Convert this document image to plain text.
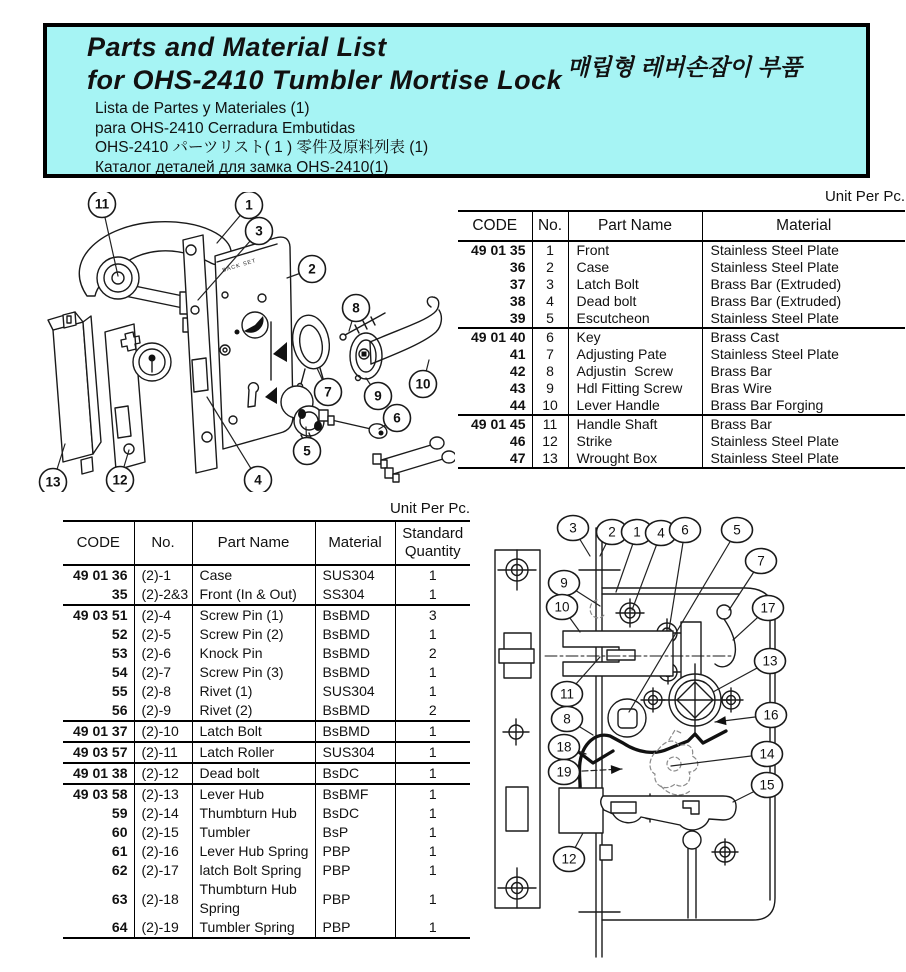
Parts and Material List
for OHS-2410 Tumbler Mortise Lock 매립형 레버손잡이 부품
Lista de Partes y Materiales (1)
para OHS-2410 Cerradura Embutidas
OHS-2410 パーツリスト( 1 ) 零件及原料列表 (1)
Каталог деталей для замка OHS-2410(1)
Unit Per Pc.
Unit Per Pc.
CODE	No.	Part Name	Material
49 01 35	1	Front	Stainless Steel Plate
36	2	Case	Stainless Steel Plate
37	3	Latch Bolt	Brass Bar (Extruded)
38	4	Dead bolt	Brass Bar (Extruded)
39	5	Escutcheon	Stainless Steel Plate
49 01 40	6	Key	Brass Cast
41	7	Adjusting Pate	Stainless Steel Plate
42	8	Adjustin  Screw	Brass Bar
43	9	Hdl Fitting Screw	Bras Wire
44	10	Lever Handle	Brass Bar Forging
49 01 45	11	Handle Shaft	Brass Bar
46	12	Strike	Stainless Steel Plate
47	13	Wrought Box	Stainless Steel Plate
CODE	No.	Part Name	Material	Standard Quantity
49 01 36	(2)-1	Case	SUS304	1
35	(2)-2&3	Front (In & Out)	SS304	1
49 03 51	(2)-4	Screw Pin (1)	BsBMD	3
52	(2)-5	Screw Pin (2)	BsBMD	1
53	(2)-6	Knock Pin	BsBMD	2
54	(2)-7	Screw Pin (3)	BsBMD	1
55	(2)-8	Rivet (1)	SUS304	1
56	(2)-9	Rivet (2)	BsBMD	2
49 01 37	(2)-10	Latch Bolt	BsBMD	1
49 03 57	(2)-11	Latch Roller	SUS304	1
49 01 38	(2)-12	Dead bolt	BsDC	1
49 03 58	(2)-13	Lever Hub	BsBMF	1
59	(2)-14	Thumbturn Hub	BsDC	1
60	(2)-15	Tumbler	BsP	1
61	(2)-16	Lever Hub Spring	PBP	1
62	(2)-17	latch Bolt Spring	PBP	1
63	(2)-18	Thumbturn Hub Spring	PBP	1
64	(2)-19	Tumbler Spring	PBP	1
BACK SET
11	1
3
2
8
7	9
10
6
5
4
12
13
3 2 1 4 6	5
7
17
9
10
11
8
18
19
12
13
16
14
15
